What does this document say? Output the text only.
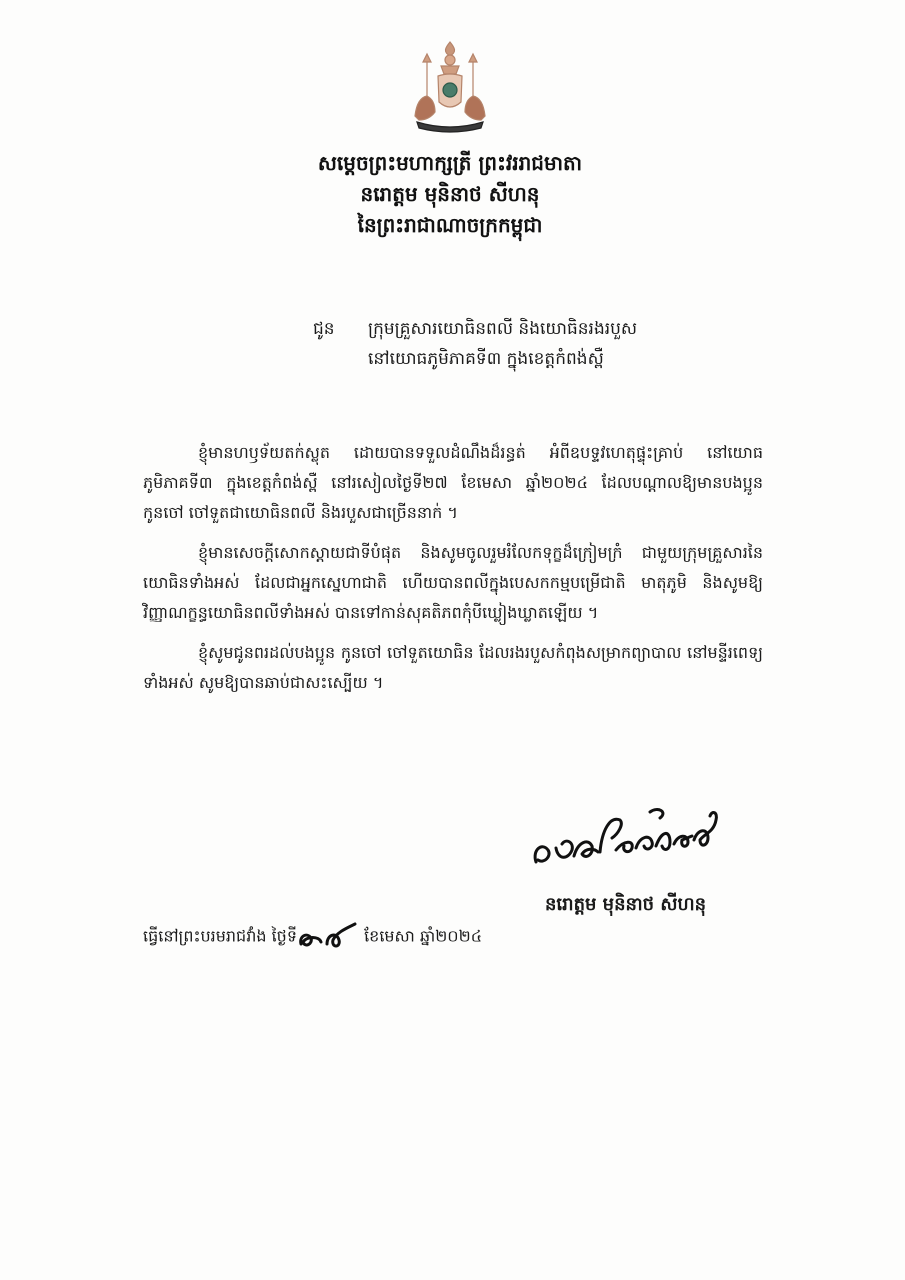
សម្តេចព្រះមហាក្សត្រី ព្រះវររាជមាតា
នរោត្តម មុនិនាថ សីហនុ
នៃព្រះរាជាណាចក្រកម្ពុជា
ជូន ក្រុមគ្រួសារយោធិនពលី និងយោធិនរងរបួស
នៅយោធភូមិភាគទី៣ ក្នុងខេត្តកំពង់ស្ពឺ

ខ្ញុំមានហឫទ័យតក់ស្លុត ដោយបានទទួលដំណឹងដ៏រន្ធត់ អំពីឧបទ្ទវហេតុផ្ទុះគ្រាប់ នៅយោធភូមិភាគទី៣ ក្នុងខេត្តកំពង់ស្ពឺ នៅរសៀលថ្ងៃទី២៧ ខែមេសា ឆ្នាំ២០២៤ ដែលបណ្តាលឱ្យមានបងប្អូន កូនចៅ ចៅទួតជាយោធិនពលី និងរបួសជាច្រើននាក់ ។

ខ្ញុំមានសេចក្តីសោកស្តាយជាទីបំផុត និងសូមចូលរួមរំលែកទុក្ខដ៏ក្រៀមក្រំ ជាមួយក្រុមគ្រួសារនៃយោធិនទាំងអស់ ដែលជាអ្នកស្នេហាជាតិ ហើយបានពលីក្នុងបេសកកម្មបម្រើជាតិ មាតុភូមិ និងសូមឱ្យវិញ្ញាណក្ខន្ធយោធិនពលីទាំងអស់ បានទៅកាន់សុគតិភពកុំបីឃ្លៀងឃ្លាតឡើយ ។

ខ្ញុំសូមជូនពរដល់បងប្អូន កូនចៅ ចៅទួតយោធិន ដែលរងរបួសកំពុងសម្រាកព្យាបាល នៅមន្ទីរពេទ្យទាំងអស់ សូមឱ្យបានឆាប់ជាសះស្បើយ ។

នរោត្តម មុនិនាថ សីហនុ
ធ្វើនៅព្រះបរមរាជវាំង ថ្ងៃទី	ខែមេសា ឆ្នាំ២០២៤
